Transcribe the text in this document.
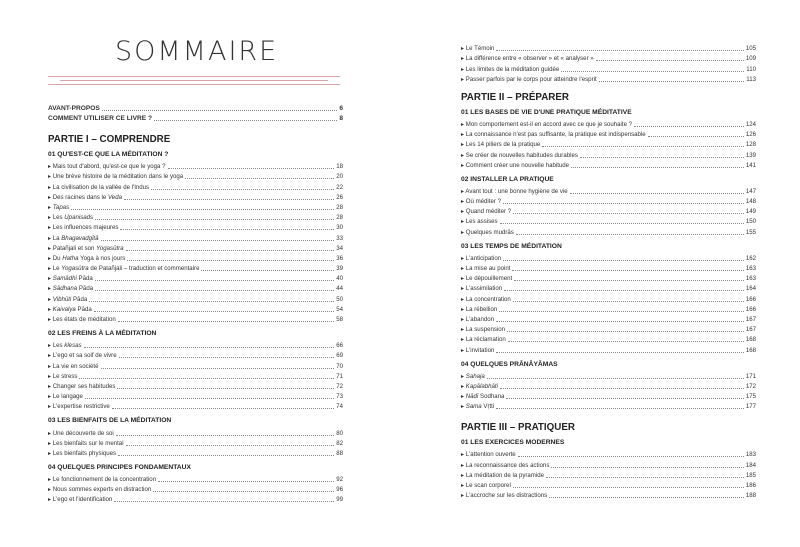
SOMMAIRE
AVANT-PROPOS	6
COMMENT UTILISER CE LIVRE ?	8
PARTIE I – COMPRENDRE
01 QU'EST-CE QUE LA MÉDITATION ?
▸ Mais tout d'abord, qu'est-ce que le yoga ?	18
▸ Une brève histoire de la méditation dans le yoga	20
▸ La civilisation de la vallée de l'Indus	22
▸ Des racines dans le Veda	26
▸ Tapas	28
▸ Les Upanisads	28
▸ Les influences majeures	30
▸ La Bhagavadgītā	33
▸ Patañjali et son Yogasūtra	34
▸ Du Hatha Yoga à nos jours	36
▸ Le Yogasūtra de Patañjali – traduction et commentaire	39
▸ Samādhi Pāda	40
▸ Sādhana Pāda	44
▸ Vibhūti Pāda	50
▸ Kaivalya Pāda	54
▸ Les états de méditation	58
02 LES FREINS À LA MÉDITATION
▸ Les klesas	66
▸ L'ego et sa soif de vivre	69
▸ La vie en société	70
▸ Le stress	71
▸ Changer ses habitudes	72
▸ Le langage	73
▸ L'expertise restrictive	74
03 LES BIENFAITS DE LA MÉDITATION
▸ Une découverte de soi	80
▸ Les bienfaits sur le mental	82
▸ Les bienfaits physiques	88
04 QUELQUES PRINCIPES FONDAMENTAUX
▸ Le fonctionnement de la concentration	92
▸ Nous sommes experts en distraction	96
▸ L'ego et l'identification	99
▸ Le Témoin	105
▸ La différence entre « observer » et « analyser »	109
▸ Les limites de la méditation guidée	110
▸ Passer parfois par le corps pour atteindre l'esprit	113
PARTIE II – PRÉPARER
01 LES BASES DE VIE D'UNE PRATIQUE MÉDITATIVE
▸ Mon comportement est-il en accord avec ce que je souhaite ?	124
▸ La connaissance n'est pas suffisante, la pratique est indispensable	126
▸ Les 14 piliers de la pratique	128
▸ Se créer de nouvelles habitudes durables	139
▸ Comment créer une nouvelle habitude	141
02 INSTALLER LA PRATIQUE
▸ Avant tout : une bonne hygiène de vie	147
▸ Où méditer ?	148
▸ Quand méditer ?	149
▸ Les assises	150
▸ Quelques mudrās	155
03 LES TEMPS DE MÉDITATION
▸ L'anticipation	162
▸ La mise au point	163
▸ Le dépouillement	163
▸ L'assimilation	164
▸ La concentration	166
▸ La rébellion	166
▸ L'abandon	167
▸ La suspension	167
▸ La réclamation	168
▸ L'invitation	168
04 QUELQUES PRĀNĀYĀMAS
▸ Sahaja	171
▸ Kapālabhāti	172
▸ Nādī Sodhana	175
▸ Sama Vṛtti	177
PARTIE III – PRATIQUER
01 LES EXERCICES MODERNES
▸ L'attention ouverte	183
▸ La reconnaissance des actions	184
▸ La méditation de la pyramide	185
▸ Le scan corporel	186
▸ L'accroche sur les distractions	188
